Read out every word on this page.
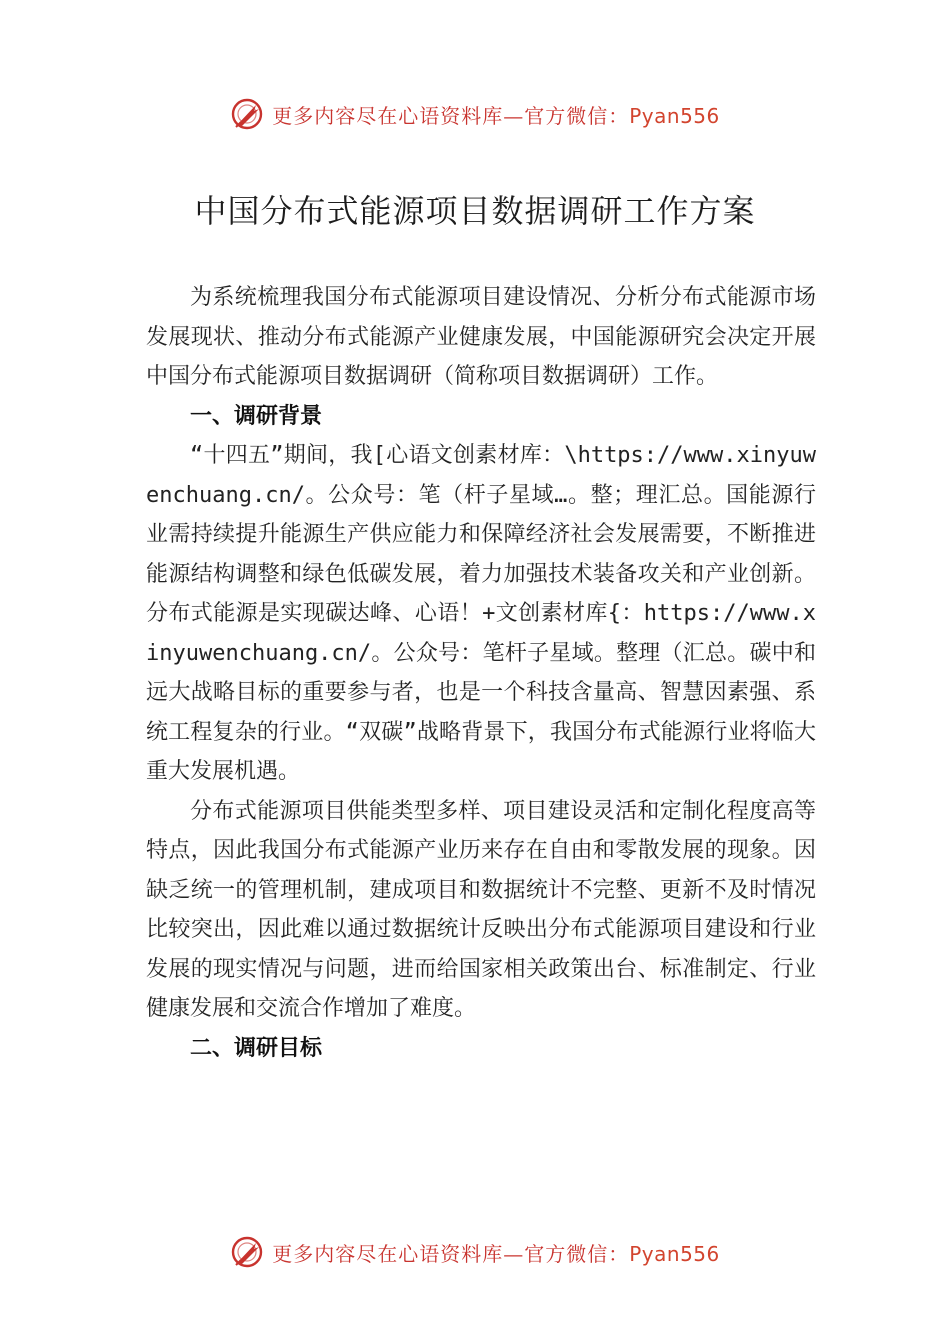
更多内容尽在心语资料库—官方微信：Pyan556
中国分布式能源项目数据调研工作方案

为系统梳理我国分布式能源项目建设情况、分析分布式能源市场发展现状、推动分布式能源产业健康发展，中国能源研究会决定开展中国分布式能源项目数据调研（简称项目数据调研）工作。

一、调研背景

“十四五”期间，我[心语文创素材库：\https://www.xinyuwenchuang.cn/。公众号：笔（杆子星域…。整；理汇总。国能源行业需持续提升能源生产供应能力和保障经济社会发展需要，不断推进能源结构调整和绿色低碳发展，着力加强技术装备攻关和产业创新。分布式能源是实现碳达峰、心语！+文创素材库{：https://www.xinyuwenchuang.cn/。公众号：笔杆子星域。整理（汇总。碳中和远大战略目标的重要参与者，也是一个科技含量高、智慧因素强、系统工程复杂的行业。“双碳”战略背景下，我国分布式能源行业将临大重大发展机遇。

分布式能源项目供能类型多样、项目建设灵活和定制化程度高等特点，因此我国分布式能源产业历来存在自由和零散发展的现象。因缺乏统一的管理机制，建成项目和数据统计不完整、更新不及时情况比较突出，因此难以通过数据统计反映出分布式能源项目建设和行业发展的现实情况与问题，进而给国家相关政策出台、标准制定、行业健康发展和交流合作增加了难度。

二、调研目标
更多内容尽在心语资料库—官方微信：Pyan556
